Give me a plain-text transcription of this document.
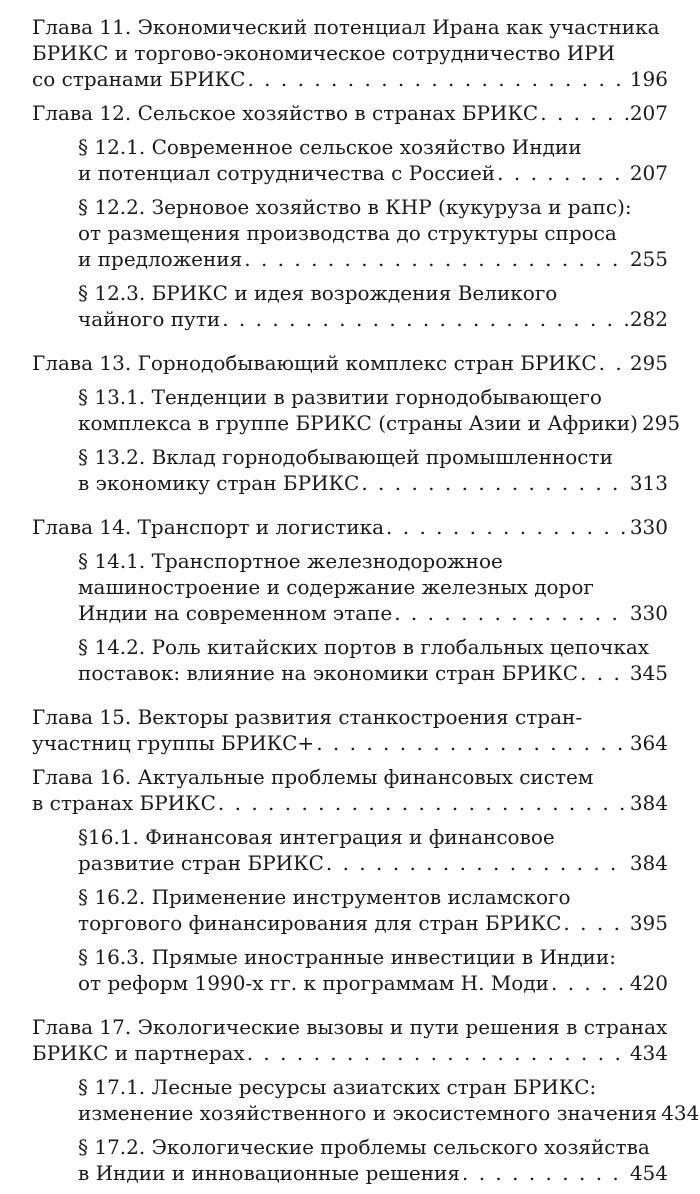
Глава 11. Экономический потенциал Ирана как участника
БРИКС и торгово-экономическое сотрудничество ИРИ
со странами БРИКС . . .	196
Глава 12. Сельское хозяйство в странах БРИКС . . .	207
§ 12.1. Современное сельское хозяйство Индии
и потенциал сотрудничества с Россией . . .	207
§ 12.2. Зерновое хозяйство в КНР (кукуруза и рапс):
от размещения производства до структуры спроса
и предложения . . .	255
§ 12.3. БРИКС и идея возрождения Великого
чайного пути . . .	282
Глава 13. Горнодобывающий комплекс стран БРИКС . . . 295
§ 13.1. Тенденции в развитии горнодобывающего
комплекса в группе БРИКС (страны Азии и Африки) 295
§ 13.2. Вклад горнодобывающей промышленности
в экономику стран БРИКС . . .	313
Глава 14. Транспорт и логистика . . .	330
§ 14.1. Транспортное железнодорожное
машиностроение и содержание железных дорог
Индии на современном этапе . . .	330
§ 14.2. Роль китайских портов в глобальных цепочках
поставок: влияние на экономики стран БРИКС . . .	345
Глава 15. Векторы развития станкостроения стран-
участниц группы БРИКС+ . . .	364
Глава 16. Актуальные проблемы финансовых систем
в странах БРИКС . . .	384
§16.1. Финансовая интеграция и финансовое
развитие стран БРИКС . . .	384
§ 16.2. Применение инструментов исламского
торгового финансирования для стран БРИКС . . .	395
§ 16.3. Прямые иностранные инвестиции в Индии:
от реформ 1990-х гг. к программам Н. Моди . . .	420
Глава 17. Экологические вызовы и пути решения в странах
БРИКС и партнерах . . .	434
§ 17.1. Лесные ресурсы азиатских стран БРИКС:
изменение хозяйственного и экосистемного значения 434
§ 17.2. Экологические проблемы сельского хозяйства
в Индии и инновационные решения . . .	454
